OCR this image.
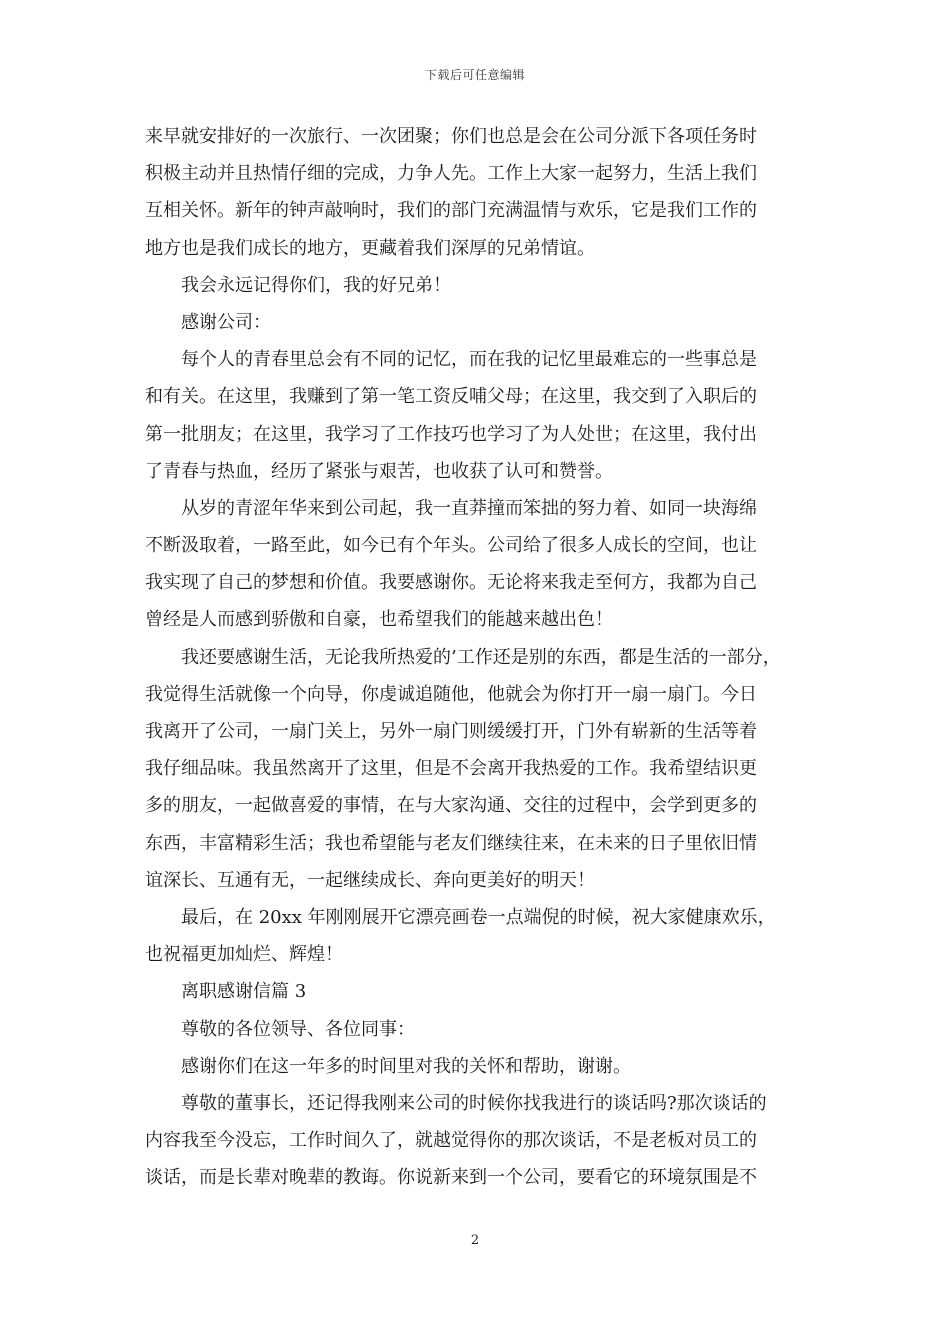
下载后可任意编辑
来早就安排好的一次旅行、一次团聚；你们也总是会在公司分派下各项任务时
积极主动并且热情仔细的完成，力争人先。工作上大家一起努力，生活上我们
互相关怀。新年的钟声敲响时，我们的部门充满温情与欢乐，它是我们工作的
地方也是我们成长的地方，更藏着我们深厚的兄弟情谊。
我会永远记得你们，我的好兄弟！
感谢公司：
每个人的青春里总会有不同的记忆，而在我的记忆里最难忘的一些事总是
和有关。在这里，我赚到了第一笔工资反哺父母；在这里，我交到了入职后的
第一批朋友；在这里，我学习了工作技巧也学习了为人处世；在这里，我付出
了青春与热血，经历了紧张与艰苦，也收获了认可和赞誉。
从岁的青涩年华来到公司起，我一直莽撞而笨拙的努力着、如同一块海绵
不断汲取着，一路至此，如今已有个年头。公司给了很多人成长的空间，也让
我实现了自己的梦想和价值。我要感谢你。无论将来我走至何方，我都为自己
曾经是人而感到骄傲和自豪，也希望我们的能越来越出色！
我还要感谢生活，无论我所热爱的’工作还是别的东西，都是生活的一部分，
我觉得生活就像一个向导，你虔诚追随他，他就会为你打开一扇一扇门。今日
我离开了公司，一扇门关上，另外一扇门则缓缓打开，门外有崭新的生活等着
我仔细品味。我虽然离开了这里，但是不会离开我热爱的工作。我希望结识更
多的朋友，一起做喜爱的事情，在与大家沟通、交往的过程中，会学到更多的
东西，丰富精彩生活；我也希望能与老友们继续往来，在未来的日子里依旧情
谊深长、互通有无，一起继续成长、奔向更美好的明天！
最后，在 20xx 年刚刚展开它漂亮画卷一点端倪的时候，祝大家健康欢乐，
也祝福更加灿烂、辉煌！
离职感谢信篇 3
尊敬的各位领导、各位同事：
感谢你们在这一年多的时间里对我的关怀和帮助，谢谢。
尊敬的董事长，还记得我刚来公司的时候你找我进行的谈话吗?那次谈话的
内容我至今没忘，工作时间久了，就越觉得你的那次谈话，不是老板对员工的
谈话，而是长辈对晚辈的教诲。你说新来到一个公司，要看它的环境氛围是不
2
